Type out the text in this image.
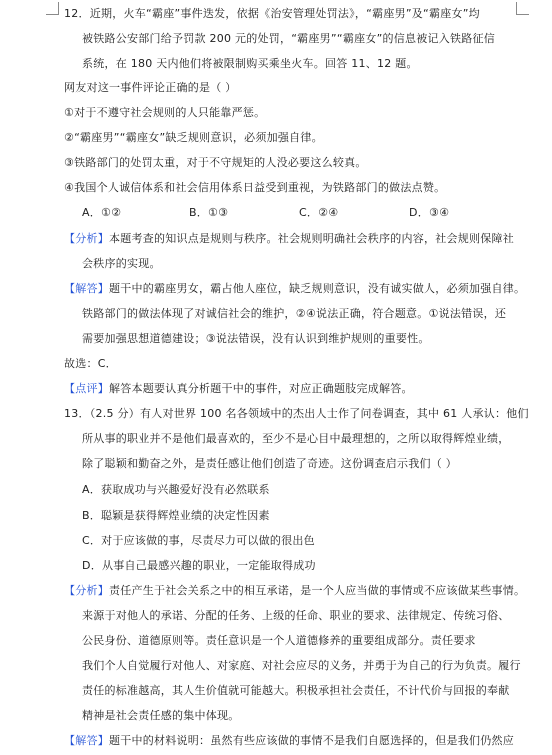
12．近期，火车“霸座”事件迭发，依据《治安管理处罚法》，“霸座男”及“霸座女”均
被铁路公安部门给予罚款 200 元的处罚，“霸座男”“霸座女”的信息被记入铁路征信
系统，在 180 天内他们将被限制购买乘坐火车。回答 11、12 题。
网友对这一事件评论正确的是（ ）
①对于不遵守社会规则的人只能靠严惩。
②“霸座男”“霸座女”缺乏规则意识，必须加强自律。
③铁路部门的处罚太重，对于不守规矩的人没必要这么较真。
④我国个人诚信体系和社会信用体系日益受到重视，为铁路部门的做法点赞。
A．①②	B．①③	C．②④	D．③④
【分析】本题考查的知识点是规则与秩序。社会规则明确社会秩序的内容，社会规则保障社
会秩序的实现。
【解答】题干中的霸座男女，霸占他人座位，缺乏规则意识，没有诚实做人，必须加强自律。
铁路部门的做法体现了对诚信社会的维护，②④说法正确，符合题意。①说法错误，还
需要加强思想道德建设；③说法错误，没有认识到维护规则的重要性。
故选：C．
【点评】解答本题要认真分析题干中的事件，对应正确题肢完成解答。
13．（2.5 分）有人对世界 100 名各领域中的杰出人士作了问卷调查，其中 61 人承认：他们
所从事的职业并不是他们最喜欢的，至少不是心目中最理想的，之所以取得辉煌业绩，
除了聪颖和勤奋之外，是责任感让他们创造了奇迹。这份调查启示我们（ ）
A．获取成功与兴趣爱好没有必然联系
B．聪颖是获得辉煌业绩的决定性因素
C．对于应该做的事，尽责尽力可以做的很出色
D．从事自己最感兴趣的职业，一定能取得成功
【分析】责任产生于社会关系之中的相互承诺，是一个人应当做的事情或不应该做某些事情。
来源于对他人的承诺、分配的任务、上级的任命、职业的要求、法律规定、传统习俗、
公民身份、道德原则等。责任意识是一个人道德修养的重要组成部分。责任要求
我们个人自觉履行对他人、对家庭、对社会应尽的义务，并勇于为自己的行为负责。履行
责任的标准越高，其人生价值就可能越大。积极承担社会责任，不计代价与回报的奉献
精神是社会责任感的集中体现。
【解答】题干中的材料说明：虽然有些应该做的事情不是我们自愿选择的，但是我们仍然应
